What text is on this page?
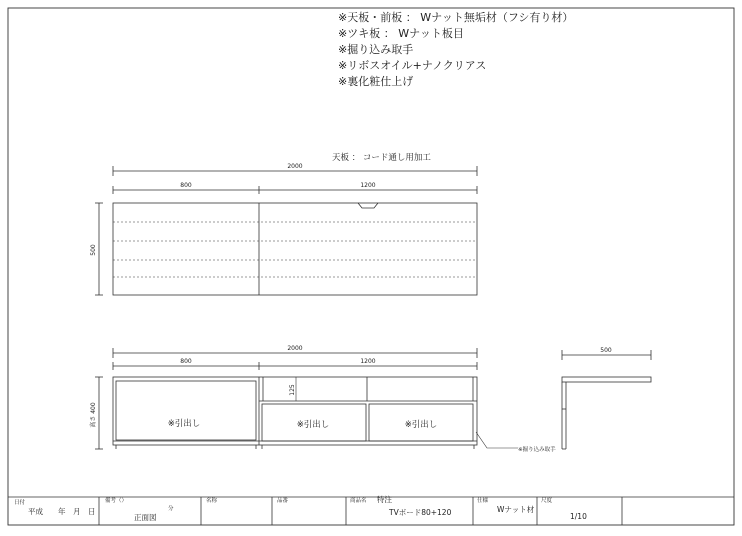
※天板・前板 ： Wナット無垢材（フシ有り材）
※ツキ板 ： Wナット板目
※掘り込み取手
※リボスオイル+ナノクリアス
※裏化粧仕上げ
天板 ： コード通し用加工
2000
800	1200
500
2000
800	1200
※引出し	※引出し	※引出し
125
高さ 400
※掘り込み取手
500
日付
平成　　年　月　日
備考（）
分
正面図
名称	品番	商品名 特注
TVボード80+120
仕様
Wナット材
尺度
1/10
